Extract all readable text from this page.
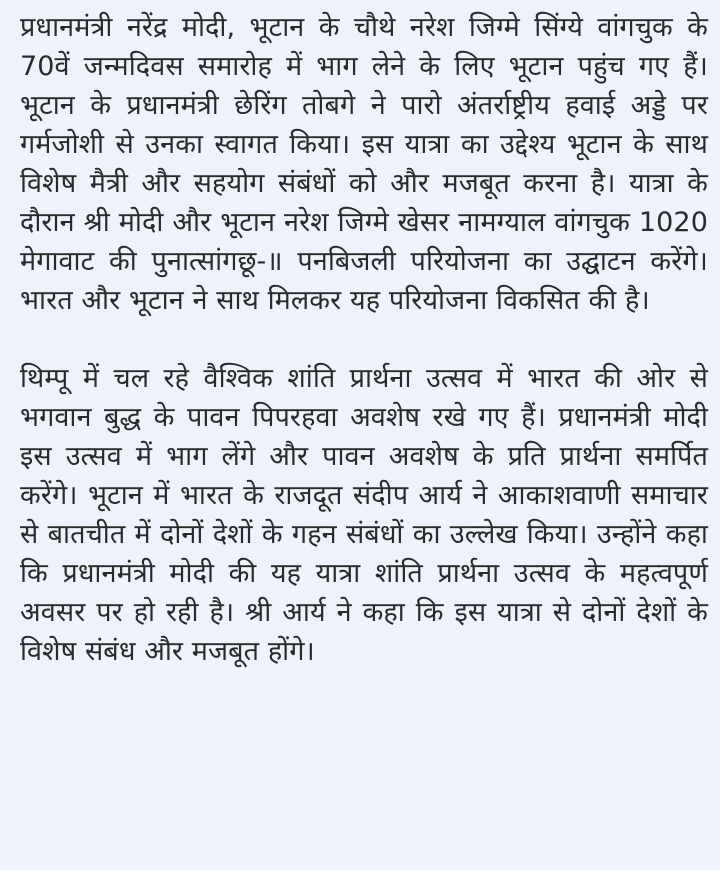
प्रधानमंत्री नरेंद्र मोदी, भूटान के चौथे नरेश जिग्मे सिंग्ये वांगचुक के 70वें जन्मदिवस समारोह में भाग लेने के लिए भूटान पहुंच गए हैं। भूटान के प्रधानमंत्री छेरिंग तोबगे ने पारो अंतर्राष्ट्रीय हवाई अड्डे पर गर्मजोशी से उनका स्वागत किया। इस यात्रा का उद्देश्य भूटान के साथ विशेष मैत्री और सहयोग संबंधों को और मजबूत करना है। यात्रा के दौरान श्री मोदी और भूटान नरेश जिग्मे खेसर नामग्याल वांगचुक 1020 मेगावाट की पुनात्सांगछू-॥ पनबिजली परियोजना का उद्घाटन करेंगे। भारत और भूटान ने साथ मिलकर यह परियोजना विकसित की है।

थिम्पू में चल रहे वैश्विक शांति प्रार्थना उत्सव में भारत की ओर से भगवान बुद्ध के पावन पिपरहवा अवशेष रखे गए हैं। प्रधानमंत्री मोदी इस उत्सव में भाग लेंगे और पावन अवशेष के प्रति प्रार्थना समर्पित करेंगे। भूटान में भारत के राजदूत संदीप आर्य ने आकाशवाणी समाचार से बातचीत में दोनों देशों के गहन संबंधों का उल्लेख किया। उन्होंने कहा कि प्रधानमंत्री मोदी की यह यात्रा शांति प्रार्थना उत्सव के महत्वपूर्ण अवसर पर हो रही है। श्री आर्य ने कहा कि इस यात्रा से दोनों देशों के विशेष संबंध और मजबूत होंगे।
